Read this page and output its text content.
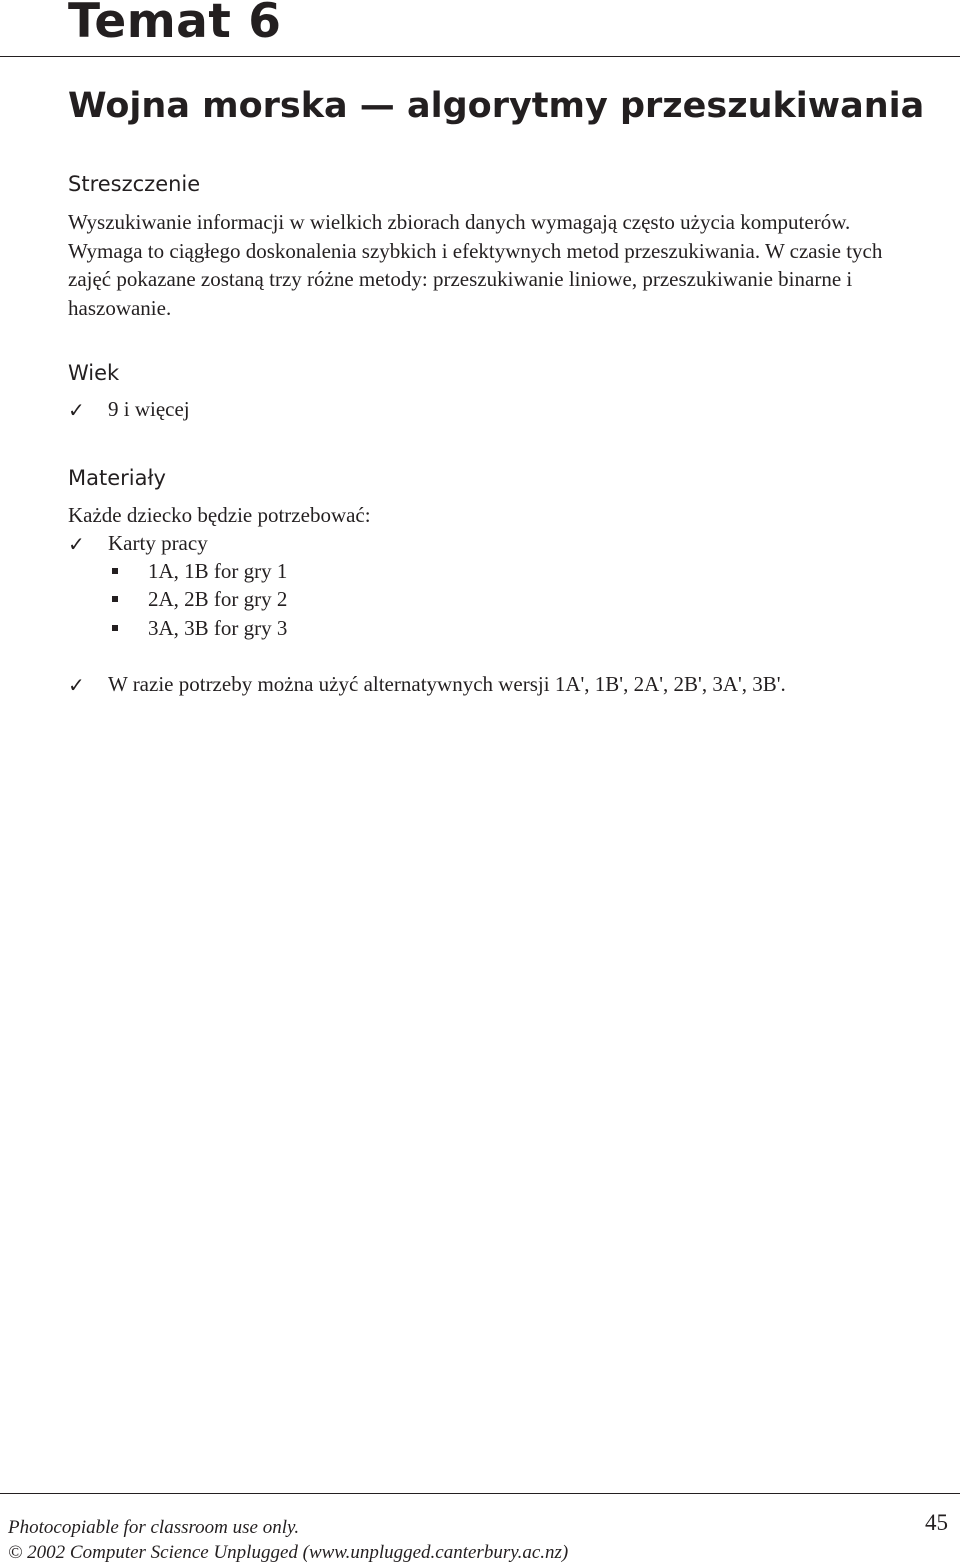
Temat 6
Wojna morska — algorytmy przeszukiwania
Streszczenie

Wyszukiwanie informacji w wielkich zbiorach danych wymagają często użycia komputerów. Wymaga to ciągłego doskonalenia szybkich i efektywnych metod przeszukiwania. W czasie tych zajęć pokazane zostaną trzy różne metody: przeszukiwanie liniowe, przeszukiwanie binarne i haszowanie.

Wiek
✓ 9 i więcej
Materiały
Każde dziecko będzie potrzebować:
✓ Karty pracy
1A, 1B for gry 1
2A, 2B for gry 2
3A, 3B for gry 3
✓ W razie potrzeby można użyć alternatywnych wersji 1A', 1B', 2A', 2B', 3A', 3B'.
Photocopiable for classroom use only.
© 2002 Computer Science Unplugged (www.unplugged.canterbury.ac.nz)
45
